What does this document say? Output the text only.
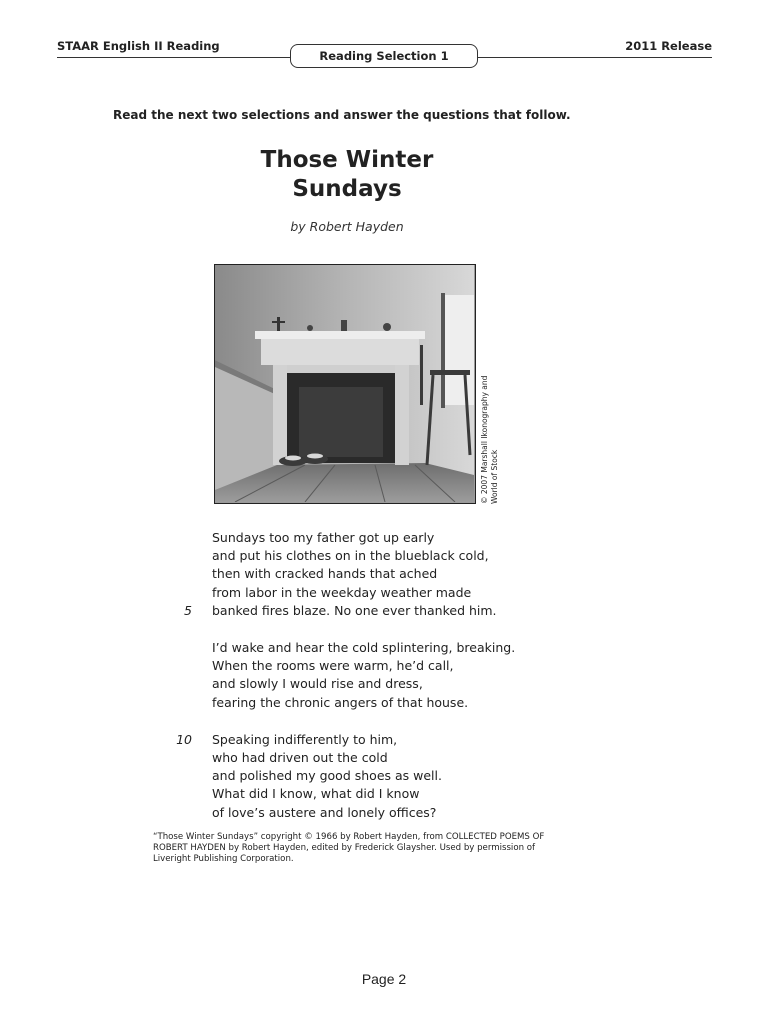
STAAR English II Reading	2011 Release
Reading Selection 1
Read the next two selections and answer the questions that follow.
Those Winter
Sundays
by Robert Hayden
© 2007 Marshall Ikonography and World of Stock
Sundays too my father got up early
and put his clothes on in the blueblack cold,
then with cracked hands that ached
from labor in the weekday weather made
5 banked fires blaze. No one ever thanked him.
I’d wake and hear the cold splintering, breaking.
When the rooms were warm, he’d call,
and slowly I would rise and dress,
fearing the chronic angers of that house.
10 Speaking indifferently to him,
who had driven out the cold
and polished my good shoes as well.
What did I know, what did I know
of love’s austere and lonely offices?
“Those Winter Sundays” copyright © 1966 by Robert Hayden, from COLLECTED POEMS OF ROBERT HAYDEN by Robert Hayden, edited by Frederick Glaysher. Used by permission of Liveright Publishing Corporation.
Page 2
